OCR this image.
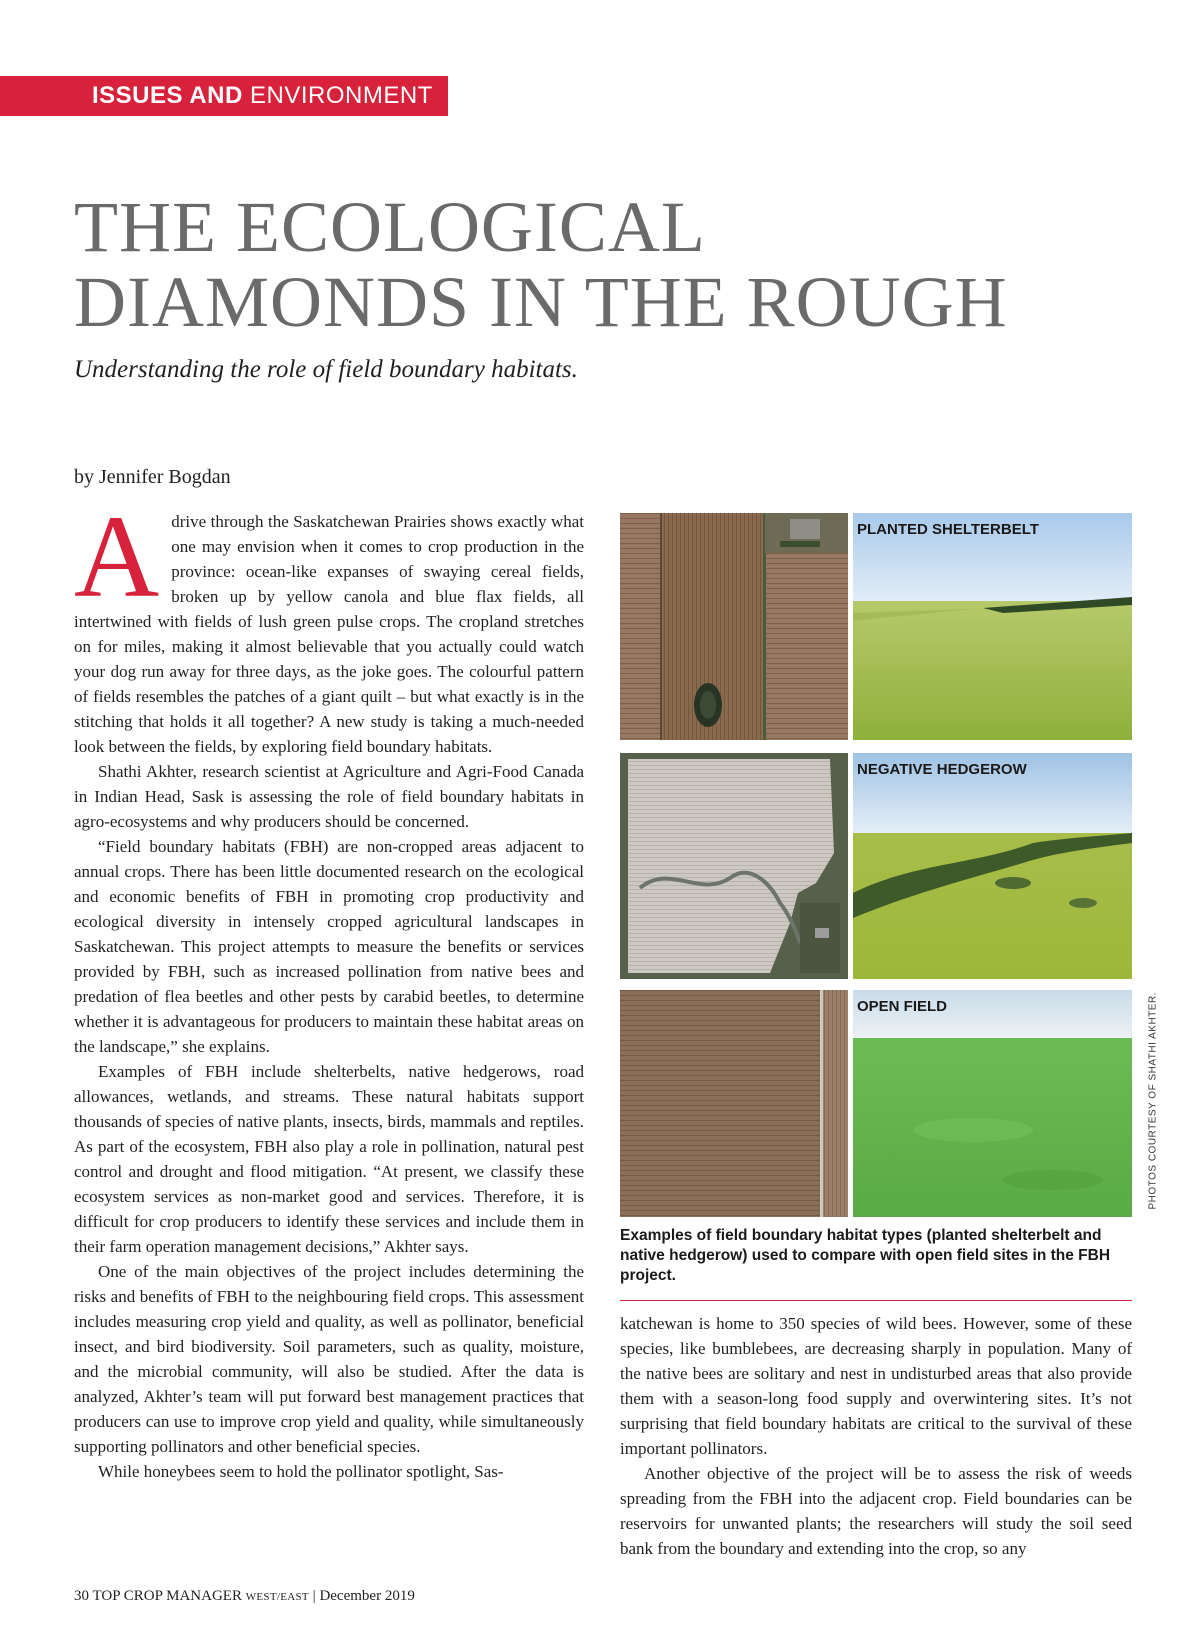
ISSUES AND ENVIRONMENT
THE ECOLOGICAL
DIAMONDS IN THE ROUGH
Understanding the role of field boundary habitats.
by Jennifer Bogdan

A drive through the Saskatchewan Prairies shows exactly what one may envision when it comes to crop production in the province: ocean-like expanses of swaying cereal fields, broken up by yellow canola and blue flax fields, all intertwined with fields of lush green pulse crops. The cropland stretches on for miles, making it almost believable that you actually could watch your dog run away for three days, as the joke goes. The colourful pattern of fields resembles the patches of a giant quilt – but what exactly is in the stitching that holds it all together? A new study is taking a much-needed look between the fields, by exploring field boundary habitats.

Shathi Akhter, research scientist at Agriculture and Agri-Food Canada in Indian Head, Sask is assessing the role of field boundary habitats in agro-ecosystems and why producers should be concerned.

“Field boundary habitats (FBH) are non-cropped areas adjacent to annual crops. There has been little documented research on the ecological and economic benefits of FBH in promoting crop productivity and ecological diversity in intensely cropped agricultural landscapes in Saskatchewan. This project attempts to measure the benefits or services provided by FBH, such as increased pollination from native bees and predation of flea beetles and other pests by carabid beetles, to determine whether it is advantageous for producers to maintain these habitat areas on the landscape,” she explains.

Examples of FBH include shelterbelts, native hedgerows, road allowances, wetlands, and streams. These natural habitats support thousands of species of native plants, insects, birds, mammals and reptiles. As part of the ecosystem, FBH also play a role in pollination, natural pest control and drought and flood mitigation. “At present, we classify these ecosystem services as non-market good and services. Therefore, it is difficult for crop producers to identify these services and include them in their farm operation management decisions,” Akhter says.

One of the main objectives of the project includes determining the risks and benefits of FBH to the neighbouring field crops. This assessment includes measuring crop yield and quality, as well as pollinator, beneficial insect, and bird biodiversity. Soil parameters, such as quality, moisture, and the microbial community, will also be studied. After the data is analyzed, Akhter’s team will put forward best management practices that producers can use to improve crop yield and quality, while simultaneously supporting pollinators and other beneficial species.

While honeybees seem to hold the pollinator spotlight, Sas-

PLANTED SHELTERBELT
NEGATIVE HEDGEROW
OPEN FIELD	PHOTOS COURTESY OF SHATHI AKHTER.
Examples of field boundary habitat types (planted shelterbelt and native hedgerow) used to compare with open field sites in the FBH project.

katchewan is home to 350 species of wild bees. However, some of these species, like bumblebees, are decreasing sharply in population. Many of the native bees are solitary and nest in undisturbed areas that also provide them with a season-long food supply and overwintering sites. It’s not surprising that field boundary habitats are critical to the survival of these important pollinators.

Another objective of the project will be to assess the risk of weeds spreading from the FBH into the adjacent crop. Field boundaries can be reservoirs for unwanted plants; the researchers will study the soil seed bank from the boundary and extending into the crop, so any

30 TOP CROP MANAGER WEST/EAST | December 2019
